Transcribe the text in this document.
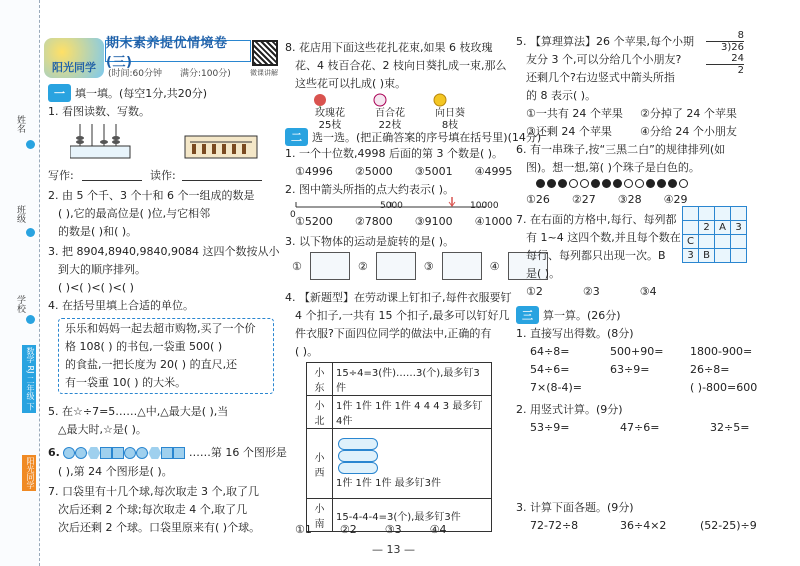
姓名
班级
学校
数学 RJ 二年级 下
阳光同学
阳光同学
期末素养提优情境卷(三)
(时间:60分钟 满分:100分)	微课讲解
一 填一填。(每空1分,共20分)
1. 看图读数、写数。
写作:	读作:
2. 由 5 个千、3 个十和 6 个一组成的数是
( ),它的最高位是( )位,与它相邻
的数是( )和( )。
3. 把 8904,8940,9840,9084 这四个数按从小
到大的顺序排列。
( )<( )<( )<( )
4. 在括号里填上合适的单位。
乐乐和妈妈一起去超市购物,买了一个价
格 108( ) 的书包,一袋重 500( )
的食盐,一把长度为 20( ) 的直尺,还
有一袋重 10( ) 的大米。
5. 在☆÷7=5……△中,△最大是( ),当
△最大时,☆是( )。
6.	……第 16 个图形是
( ),第 24 个图形是( )。
7. 口袋里有十几个球,每次取走 3 个,取了几
次后还剩 2 个球;每次取走 4 个,取了几
次后还剩 2 个球。口袋里原来有( )个球。
8. 花店用下面这些花扎花束,如果 6 枝玫瑰
花、4 枝百合花、2 枝向日葵扎成一束,那么
这些花可以扎成( )束。
玫瑰花
25枝
百合花
22枝
向日葵
8枝
二 选一选。(把正确答案的序号填在括号里)(14分)
1. 一个十位数,4998 后面的第 3 个数是( )。
①4996 ②5000 ③5001 ④4995
2. 图中箭头所指的点大约表示( )。
0
5000	10000
①5200 ②7800 ③9100 ④1000
3. 以下物体的运动是旋转的是( )。
①	②	③	④
4. 【新题型】在劳动课上钉扣子,每件衣服要钉
4 个扣子,一共有 15 个扣子,最多可以钉好几
件衣服?下面四位同学的做法中,正确的有
( )。
小东	15÷4=3(件)……3(个),最多钉3件
小北	1件 1件 1件 1件 4 4 4 3 最多钉4件
小西	1件 1件 1件 最多钉3件

小南	15-4-4-4=3(个),最多钉3件
①1	②2	③3	④4
5. 【算理算法】26 个苹果,每个小期
友分 3 个,可以分给几个小朋友?
还剩几个?右边竖式中箭头所指
的 8 表示( )。
8
3)26
24
2
①一共有 24 个苹果 ②分掉了 24 个苹果
③还剩 24 个苹果	④分给 24 个小朋友
6. 有一串珠子,按“三黑二白”的规律排列(如
图)。想一想,第( )个珠子是白色的。
①26 ②27 ③28 ④29
7. 在右面的方格中,每行、每列都
有 1~4 这四个数,并且每个数在
每行、每列都只出现一次。B
是( )。

	2	A	3
C			
3	B		
①2	②3	③4
三 算一算。(26分)
1. 直接写出得数。(8分)
64÷8=	500+90= 1800-900=
54÷6=	63÷9=	26÷8=
7×(8-4)=	( )-800=600
2. 用竖式计算。(9分)
53÷9=	47÷6=	32÷5=
3. 计算下面各题。(9分)
72-72÷8	36÷4×2	(52-25)÷9
— 13 —
